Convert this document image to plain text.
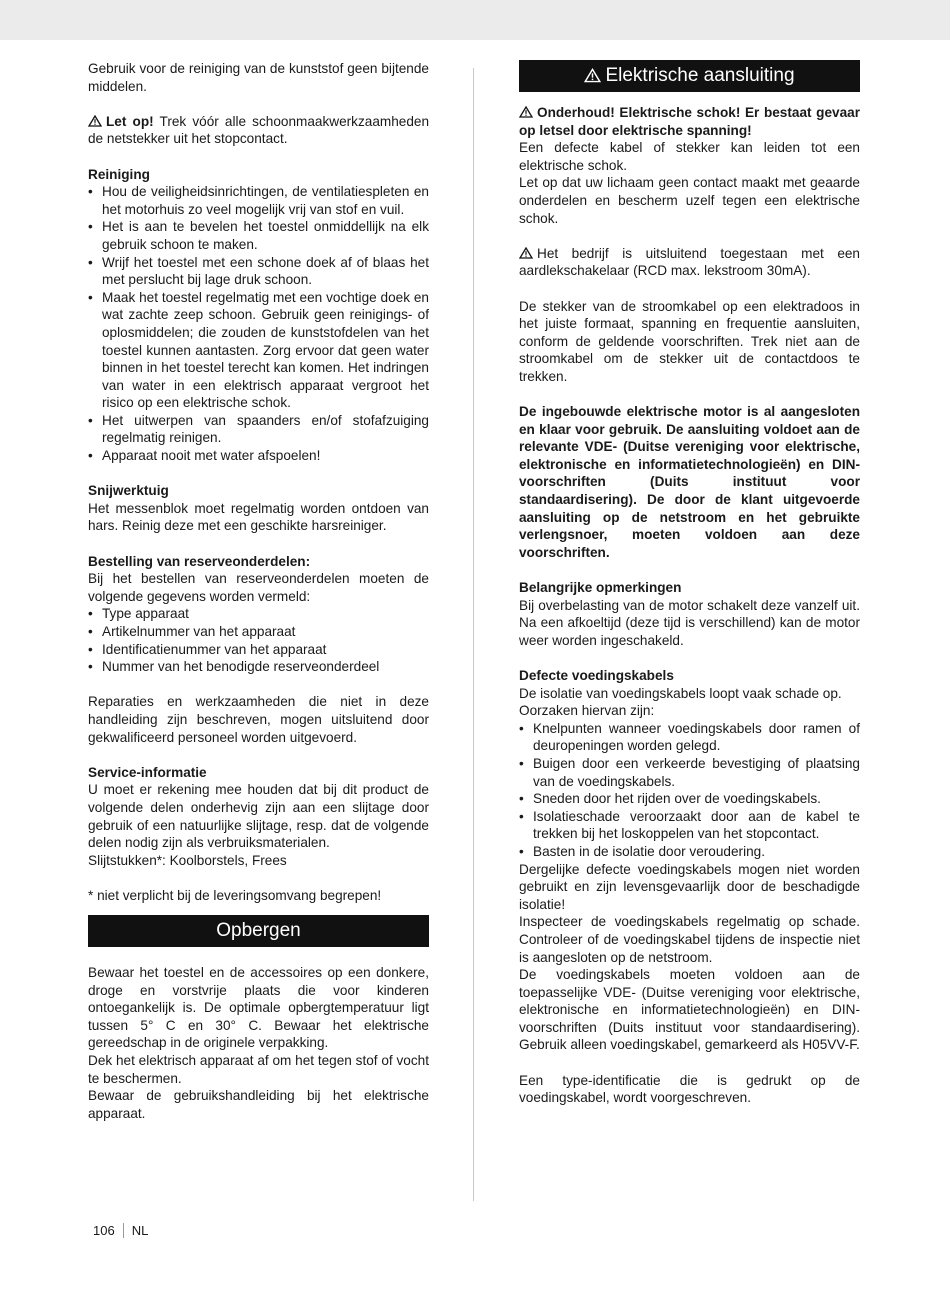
Gebruik voor de reiniging van de kunststof geen bijtende middelen.

Let op! Trek vóór alle schoonmaakwerkzaamheden de netstekker uit het stopcontact.

Reiniging

• Hou de veiligheidsinrichtingen, de ventilatiespleten en het motorhuis zo veel mogelijk vrij van stof en vuil.
• Het is aan te bevelen het toestel onmiddellijk na elk gebruik schoon te maken.
• Wrijf het toestel met een schone doek af of blaas het met perslucht bij lage druk schoon.
• Maak het toestel regelmatig met een vochtige doek en wat zachte zeep schoon. Gebruik geen reinigings- of oplosmiddelen; die zouden de kunststofdelen van het toestel kunnen aantasten. Zorg ervoor dat geen water binnen in het toestel terecht kan komen. Het indringen van water in een elektrisch apparaat vergroot het risico op een elektrische schok.
• Het uitwerpen van spaanders en/of stofafzuiging regelmatig reinigen.
• Apparaat nooit met water afspoelen!

Snijwerktuig

Het messenblok moet regelmatig worden ontdoen van hars. Reinig deze met een geschikte harsreiniger.

Bestelling van reserveonderdelen:

Bij het bestellen van reserveonderdelen moeten de volgende gegevens worden vermeld:

• Type apparaat
• Artikelnummer van het apparaat
• Identificatienummer van het apparaat
• Nummer van het benodigde reserveonderdeel

Reparaties en werkzaamheden die niet in deze handleiding zijn beschreven, mogen uitsluitend door gekwalificeerd personeel worden uitgevoerd.

Service-informatie

U moet er rekening mee houden dat bij dit product de volgende delen onderhevig zijn aan een slijtage door gebruik of een natuurlijke slijtage, resp. dat de volgende delen nodig zijn als verbruiksmaterialen.

Slijtstukken*: Koolborstels, Frees

* niet verplicht bij de leveringsomvang begrepen!

Opbergen

Bewaar het toestel en de accessoires op een donkere, droge en vorstvrije plaats die voor kinderen ontoegankelijk is. De optimale opbergtemperatuur ligt tussen 5° C en 30° C. Bewaar het elektrische gereedschap in de originele verpakking.

Dek het elektrisch apparaat af om het tegen stof of vocht te beschermen.

Bewaar de gebruikshandleiding bij het elektrische apparaat.

Elektrische aansluiting

Onderhoud! Elektrische schok! Er bestaat gevaar op letsel door elektrische spanning!

Een defecte kabel of stekker kan leiden tot een elektrische schok.

Let op dat uw lichaam geen contact maakt met geaarde onderdelen en bescherm uzelf tegen een elektrische schok.

Het bedrijf is uitsluitend toegestaan met een aardlekschakelaar (RCD max. lekstroom 30mA).

De stekker van de stroomkabel op een elektradoos in het juiste formaat, spanning en frequentie aansluiten, conform de geldende voorschriften. Trek niet aan de stroomkabel om de stekker uit de contactdoos te trekken.

De ingebouwde elektrische motor is al aangesloten en klaar voor gebruik. De aansluiting voldoet aan de relevante VDE- (Duitse vereniging voor elektrische, elektronische en informatietechnologieën) en DIN-voorschriften (Duits instituut voor standaardisering). De door de klant uitgevoerde aansluiting op de netstroom en het gebruikte verlengsnoer, moeten voldoen aan deze voorschriften.

Belangrijke opmerkingen

Bij overbelasting van de motor schakelt deze vanzelf uit. Na een afkoeltijd (deze tijd is verschillend) kan de motor weer worden ingeschakeld.

Defecte voedingskabels

De isolatie van voedingskabels loopt vaak schade op.

Oorzaken hiervan zijn:

• Knelpunten wanneer voedingskabels door ramen of deuropeningen worden gelegd.
• Buigen door een verkeerde bevestiging of plaatsing van de voedingskabels.
• Sneden door het rijden over de voedingskabels.
• Isolatieschade veroorzaakt door aan de kabel te trekken bij het loskoppelen van het stopcontact.
• Basten in de isolatie door veroudering.

Dergelijke defecte voedingskabels mogen niet worden gebruikt en zijn levensgevaarlijk door de beschadigde isolatie!

Inspecteer de voedingskabels regelmatig op schade. Controleer of de voedingskabel tijdens de inspectie niet is aangesloten op de netstroom.

De voedingskabels moeten voldoen aan de toepasselijke VDE- (Duitse vereniging voor elektrische, elektronische en informatietechnologieën) en DIN-voorschriften (Duits instituut voor standaardisering). Gebruik alleen voedingskabel, gemarkeerd als H05VV-F.

Een type-identificatie die is gedrukt op de voedingskabel, wordt voorgeschreven.

106 NL
